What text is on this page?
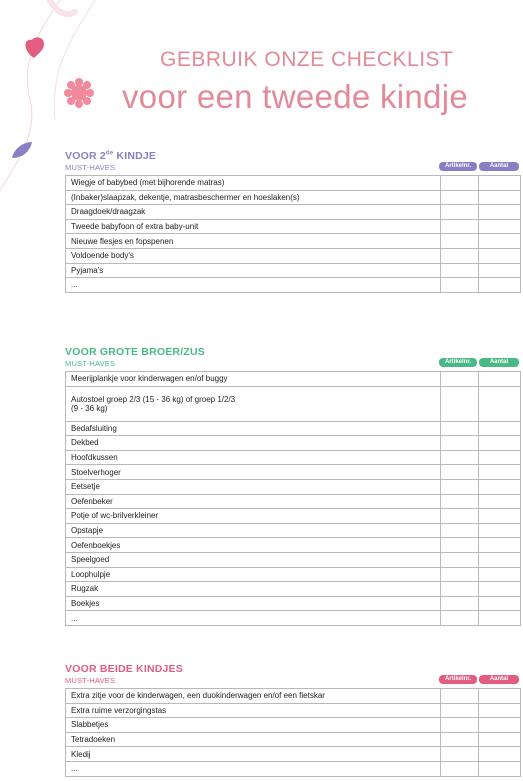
GEBRUIK ONZE CHECKLIST
voor een tweede kindje
VOOR 2de KINDJE
MUST-HAVES	Artikelnr.	Aantal
Wiegje of babybed (met bijhorende matras)		
(Inbaker)slaapzak, dekentje, matrasbeschermer en hoeslaken(s)		
Draagdoek/draagzak		
Tweede babyfoon of extra baby-unit		
Nieuwe flesjes en fopspenen		
Voldoende body's		
Pyjama's		
...		
VOOR GROTE BROER/ZUS
MUST-HAVES	Artikelnr.	Aantal
Meerijplankje voor kinderwagen en/of buggy		

Autostoel groep 2/3 (15 - 36 kg) of groep 1/2/3
(9 - 36 kg)		

Bedafsluiting		
Dekbed		
Hoofdkussen		
Stoelverhoger		
Eetsetje		
Oefenbeker		
Potje of wc-brilverkleiner		
Opstapje		
Oefenboekjes		
Speelgoed		
Loophulpje		
Rugzak		
Boekjes		
...		
VOOR BEIDE KINDJES
MUST-HAVES	Artikelnr.	Aantal
Extra zitje voor de kinderwagen, een duokinderwagen en/of een fietskar		
Extra ruime verzorgingstas		
Slabbetjes		
Tetradoeken		
Kledij		
...		
